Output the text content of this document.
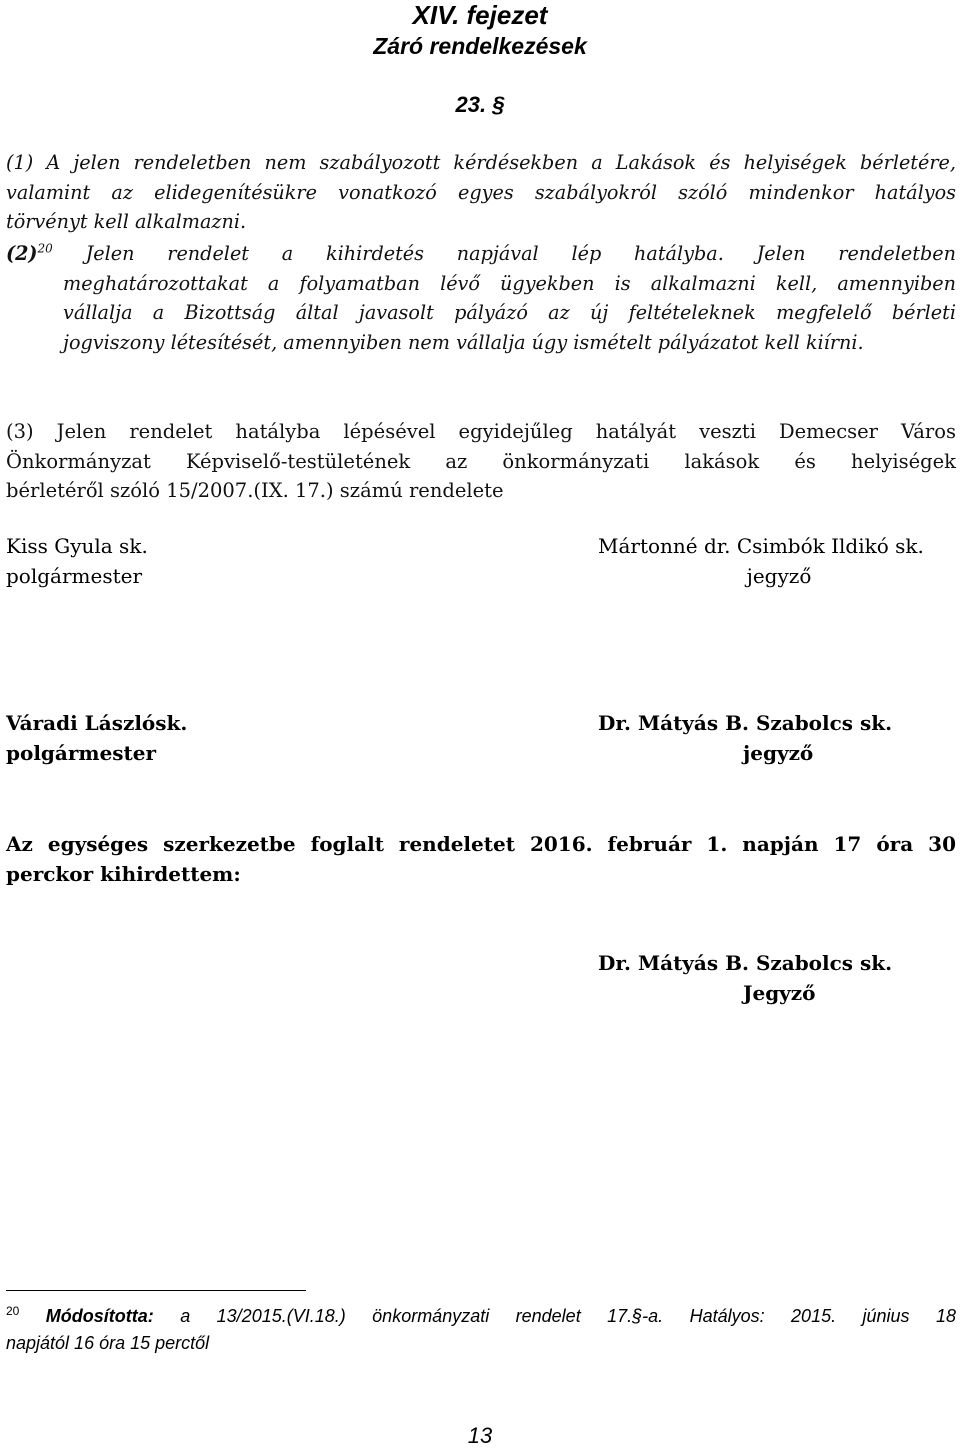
XIV. fejezet
Záró rendelkezések
23. §
(1) A jelen rendeletben nem szabályozott kérdésekben a Lakások és helyiségek bérletére,
valamint az elidegenítésükre vonatkozó egyes szabályokról szóló mindenkor hatályos
törvényt kell alkalmazni.
$(2)^{20}$ Jelen rendelet a kihirdetés napjával lép hatályba. Jelen rendeletben
meghatározottakat a folyamatban lévő ügyekben is alkalmazni kell, amennyiben
vállalja a Bizottság által javasolt pályázó az új feltételeknek megfelelő bérleti
jogviszony létesítését, amennyiben nem vállalja úgy ismételt pályázatot kell kiírni.
(3) Jelen rendelet hatályba lépésével egyidejűleg hatályát veszti Demecser Város
Önkormányzat Képviselő-testületének az önkormányzati lakások és helyiségek
bérletéről szóló 15/2007.(IX. 17.) számú rendelete
Kiss Gyula sk.
polgármester
Mártonné dr. Csimbók Ildikó sk.
jegyző
Váradi Lászlósk.
polgármester
Dr. Mátyás B. Szabolcs sk.
jegyző
Az egységes szerkezetbe foglalt rendeletet 2016. február 1. napján 17 óra 30
perckor kihirdettem:
Dr. Mátyás B. Szabolcs sk.
Jegyző
$^{20}$ Módosította: a 13/2015.(VI.18.) önkormányzati rendelet 17.§-a. Hatályos: 2015. június 18
napjától 16 óra 15 perctől
13
